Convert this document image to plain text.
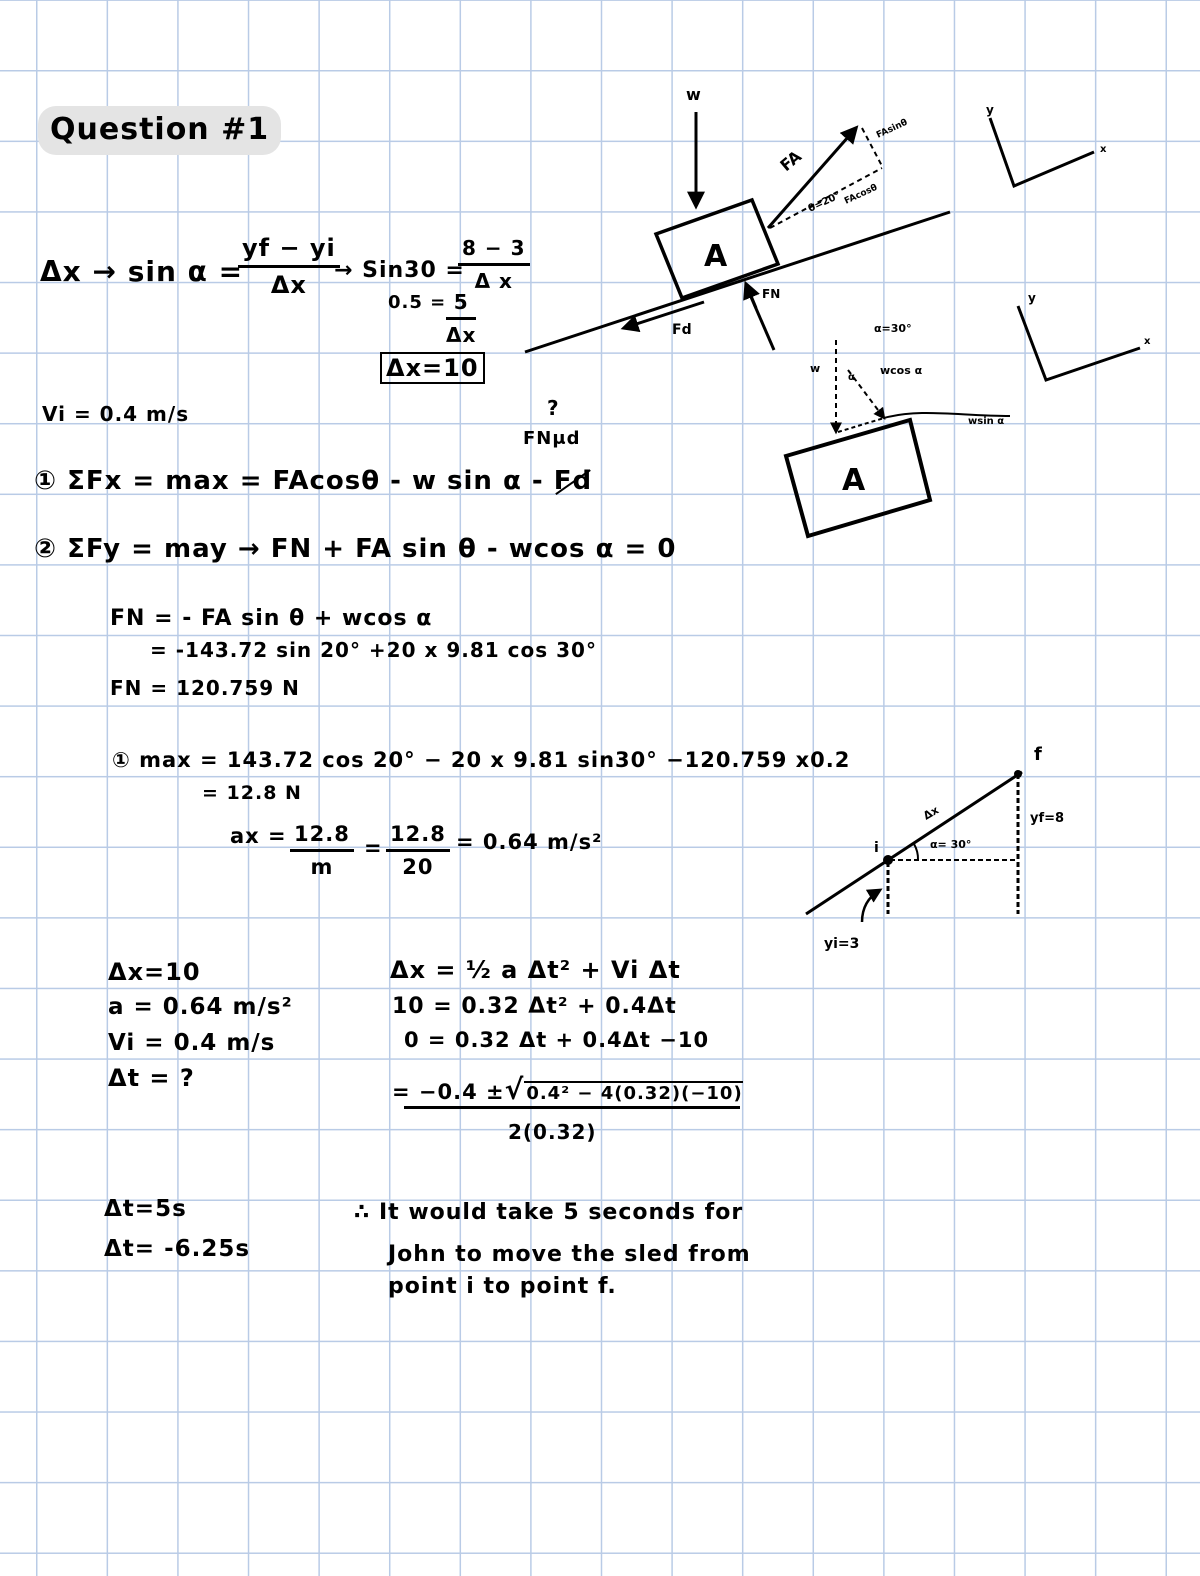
Question #1
Δx → sin α =
$\frac{yf - yi}{\Delta x}$
→ Sin30 =
$\frac{8 - 3}{\text{Δ x}}$
$0.5 = \frac{5}{\Delta x}$
Δx=10
Vi = 0.4 m/s	?
FNμd
① ΣFx = max = FAcosθ - w sin α - Fd
② ΣFy = may → FN + FA sin θ - wcos α = 0
FN = - FA sin θ + wcos α
= -143.72 sin 20° +20 x 9.81 cos 30°
FN = 120.759 N
① max = 143.72 cos 20° − 20 x 9.81 sin30° −120.759 x0.2
= 12.8 N
ax = $\frac{12.8}{m} = \frac{12.8}{20} = 0.64$ m/s²
Δx=10
a = 0.64 m/s²
Vi = 0.4 m/s
Δt = ?
Δx = ½ a Δt² + Vi Δt
10 = 0.32 Δt² + 0.4Δt
0 = 0.32 Δt + 0.4Δt −10
= −0.4 ±√ 0.4² − 4(0.32)(−10)
2(0.32)
Δt=5s
Δt= -6.25s
∴ It would take 5 seconds for
John to move the sled from
point i to point f.
A
w
FA
FAsinθ
θ=20° FAcosθ
FN
Fd
y
x
A
α=30°
w
α
wcos α
wsin α
y
x
f
i
Δx
α= 30°
yf=8
yi=3
